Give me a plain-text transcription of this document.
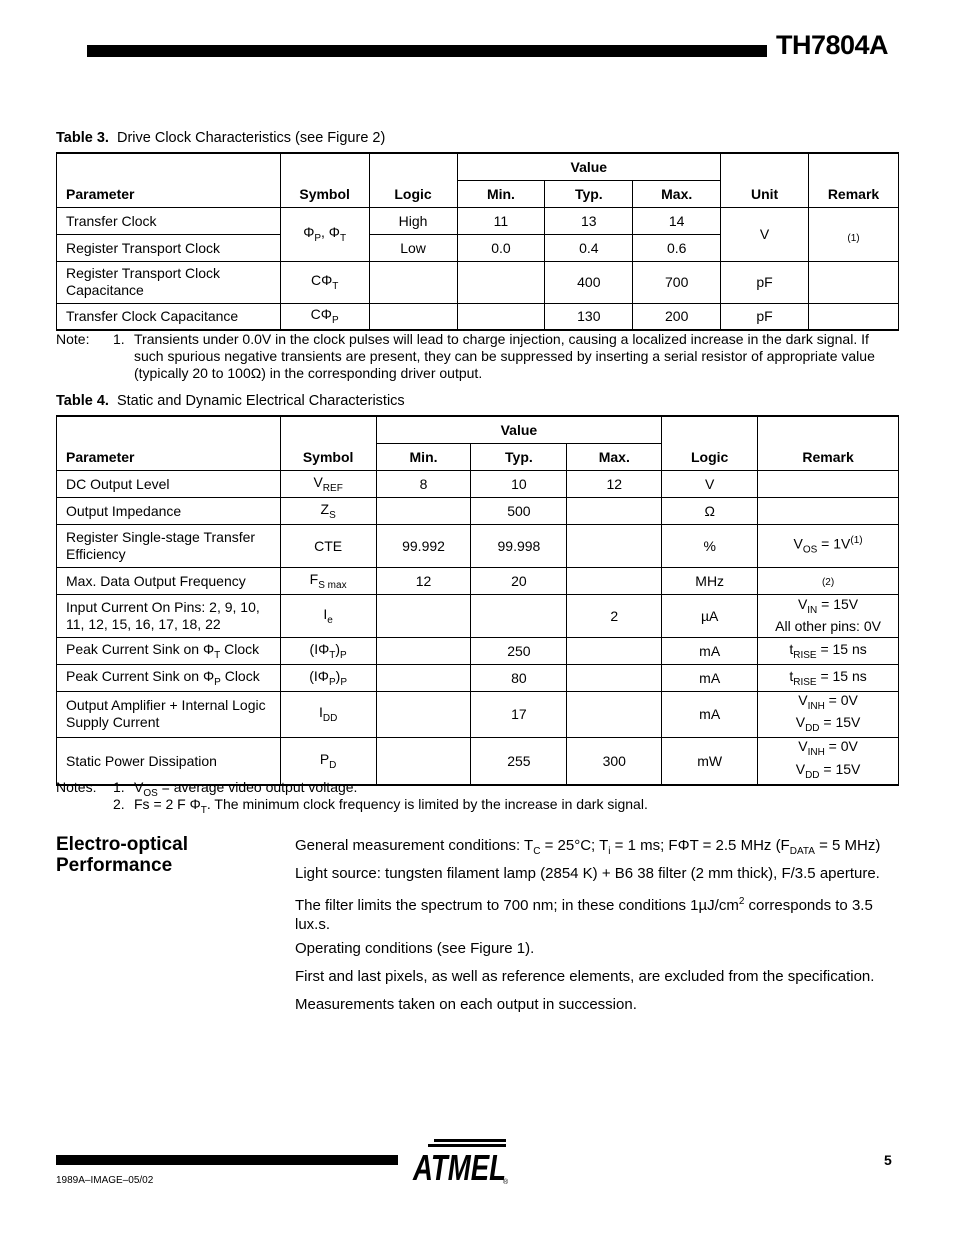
TH7804A
Table 3. Drive Clock Characteristics (see Figure 2)
Parameter	Symbol	Logic	Value			Unit	Remark
			Min.	Typ.	Max.		
Transfer Clock	$\Phi_P$, $\Phi_T$	High	11	13	14	V	(1)
Register Transport Clock		Low	0.0	0.4	0.6		
Register Transport Clock Capacitance	$C\Phi_T$			400	700	pF	
Transfer Clock Capacitance	$C\Phi_P$			130	200	pF	
Note: 1. Transients under 0.0V in the clock pulses will lead to charge injection, causing a localized increase in the dark signal. If such spurious negative transients are present, they can be suppressed by inserting a serial resistor of appropriate value (typically 20 to 100Ω) in the corresponding driver output.
Table 4. Static and Dynamic Electrical Characteristics
Parameter	Symbol	Value			Logic	Remark
		Min.	Typ.	Max.		
DC Output Level	$V_{REF}$	8	10	12	V	
Output Impedance	$Z_S$		500		Ω	
Register Single-stage Transfer Efficiency	CTE	99.992	99.998		%	$V_{OS} = 1V^{(1)}$
Max. Data Output Frequency	$F_{S max}$	12	20		MHz	(2)
Input Current On Pins: 2, 9, 10, 11, 12, 15, 16, 17, 18, 22	$I_e$			2	µA	$V_{IN} = 15V$
All other pins: 0V
Peak Current Sink on $\Phi_T$ Clock	$(I\Phi_T)_P$		250		mA	$t_{RISE} = 15$ ns
Peak Current Sink on $\Phi_P$ Clock	$(I\Phi_P)_P$		80		mA	$t_{RISE} = 15$ ns
Output Amplifier + Internal Logic Supply Current	$I_{DD}$		17		mA	$V_{INH} = 0V$
$V_{DD} = 15V$
Static Power Dissipation	$P_D$		255	300	mW	$V_{INH} = 0V$
$V_{DD} = 15V$
Notes: 1. $V_{OS}$ = average video output voltage.
2. Fs = 2 F $\Phi_T$. The minimum clock frequency is limited by the increase in dark signal.
Electro-optical
Performance
General measurement conditions: $T_C = 25^\circ C$; $T_i = 1$ ms; FΦT = 2.5 MHz ($F_{DATA} = 5$ MHz)
Light source: tungsten filament lamp (2854 K) + B6 38 filter (2 mm thick), F/3.5 aperture.
The filter limits the spectrum to 700 nm; in these conditions $1\mu J/cm^2$ corresponds to 3.5 lux.s.
Operating conditions (see Figure 1).
First and last pixels, as well as reference elements, are excluded from the specification.
Measurements taken on each output in succession.
1989A–IMAGE–05/02
5
ATMEL
®
